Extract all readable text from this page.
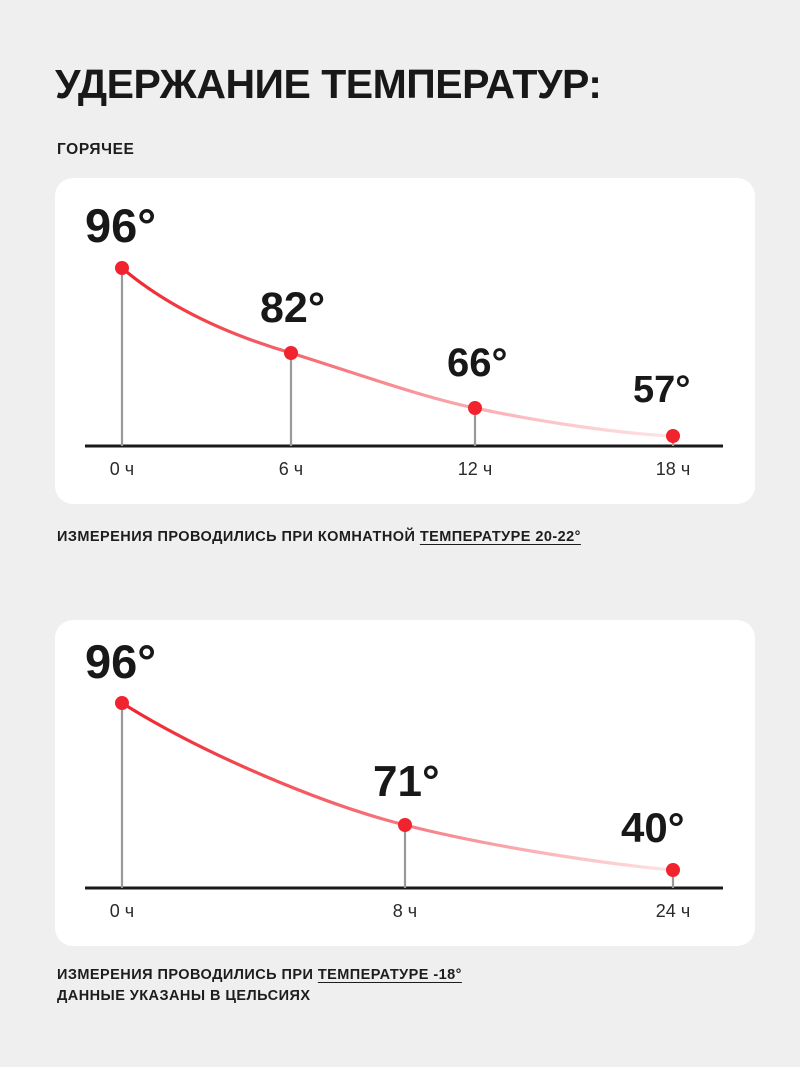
УДЕРЖАНИЕ ТЕМПЕРАТУР:
ГОРЯЧЕЕ
96°
82°
66°
57°
0 ч	6 ч	12 ч	18 ч
ИЗМЕРЕНИЯ ПРОВОДИЛИСЬ ПРИ КОМНАТНОЙ ТЕМПЕРАТУРЕ 20-22°
96°
71°
40°
0 ч	8 ч	24 ч
ИЗМЕРЕНИЯ ПРОВОДИЛИСЬ ПРИ ТЕМПЕРАТУРЕ -18°
ДАННЫЕ УКАЗАНЫ В ЦЕЛЬСИЯХ
